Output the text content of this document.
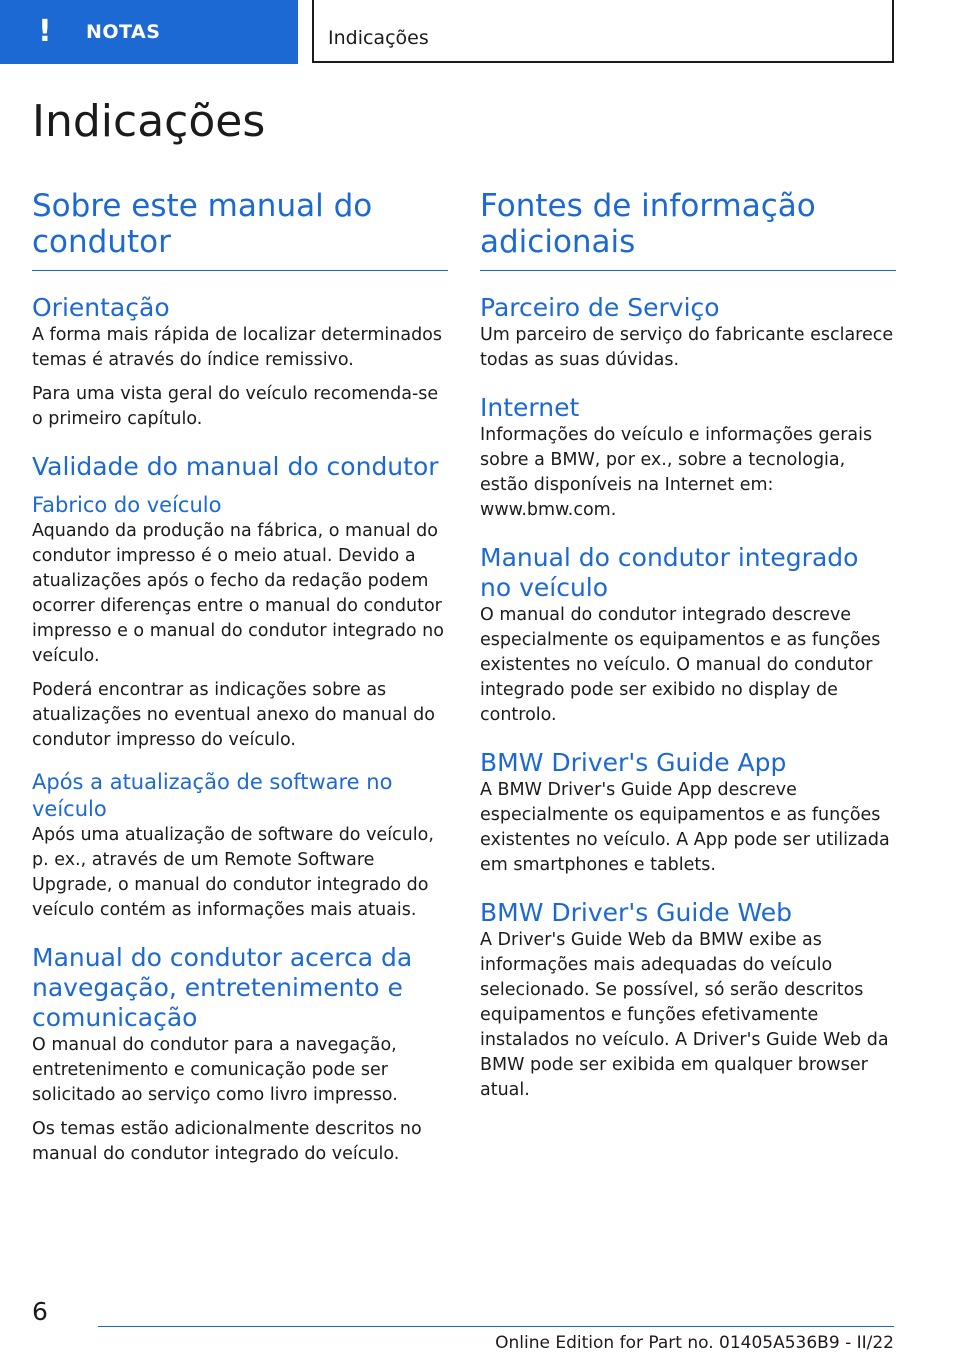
! NOTAS	Indicações
Indicações
Sobre este manual do condutor
Orientação

A forma mais rápida de localizar determinados temas é através do índice remissivo.

Para uma vista geral do veículo recomenda-se o primeiro capítulo.

Validade do manual do condutor
Fabrico do veículo

Aquando da produção na fábrica, o manual do condutor impresso é o meio atual. Devido a atualizações após o fecho da redação podem ocorrer diferenças entre o manual do condutor impresso e o manual do condutor integrado no veículo.

Poderá encontrar as indicações sobre as atualizações no eventual anexo do manual do condutor impresso do veículo.

Após a atualização de software no veículo

Após uma atualização de software do veículo, p. ex., através de um Remote Software Upgrade, o manual do condutor integrado do veículo contém as informações mais atuais.

Manual do condutor acerca da navegação, entretenimento e comunicação

O manual do condutor para a navegação, entretenimento e comunicação pode ser solicitado ao serviço como livro impresso.

Os temas estão adicionalmente descritos no manual do condutor integrado do veículo.

Fontes de informação adicionais
Parceiro de Serviço

Um parceiro de serviço do fabricante esclarece todas as suas dúvidas.

Internet

Informações do veículo e informações gerais sobre a BMW, por ex., sobre a tecnologia, estão disponíveis na Internet em: www.bmw.com.

Manual do condutor integrado no veículo

O manual do condutor integrado descreve especialmente os equipamentos e as funções existentes no veículo. O manual do condutor integrado pode ser exibido no display de controlo.

BMW Driver's Guide App

A BMW Driver's Guide App descreve especialmente os equipamentos e as funções existentes no veículo. A App pode ser utilizada em smartphones e tablets.

BMW Driver's Guide Web

A Driver's Guide Web da BMW exibe as informações mais adequadas do veículo selecionado. Se possível, só serão descritos equipamentos e funções efetivamente instalados no veículo. A Driver's Guide Web da BMW pode ser exibida em qualquer browser atual.

6
Online Edition for Part no. 01405A536B9 - II/22
